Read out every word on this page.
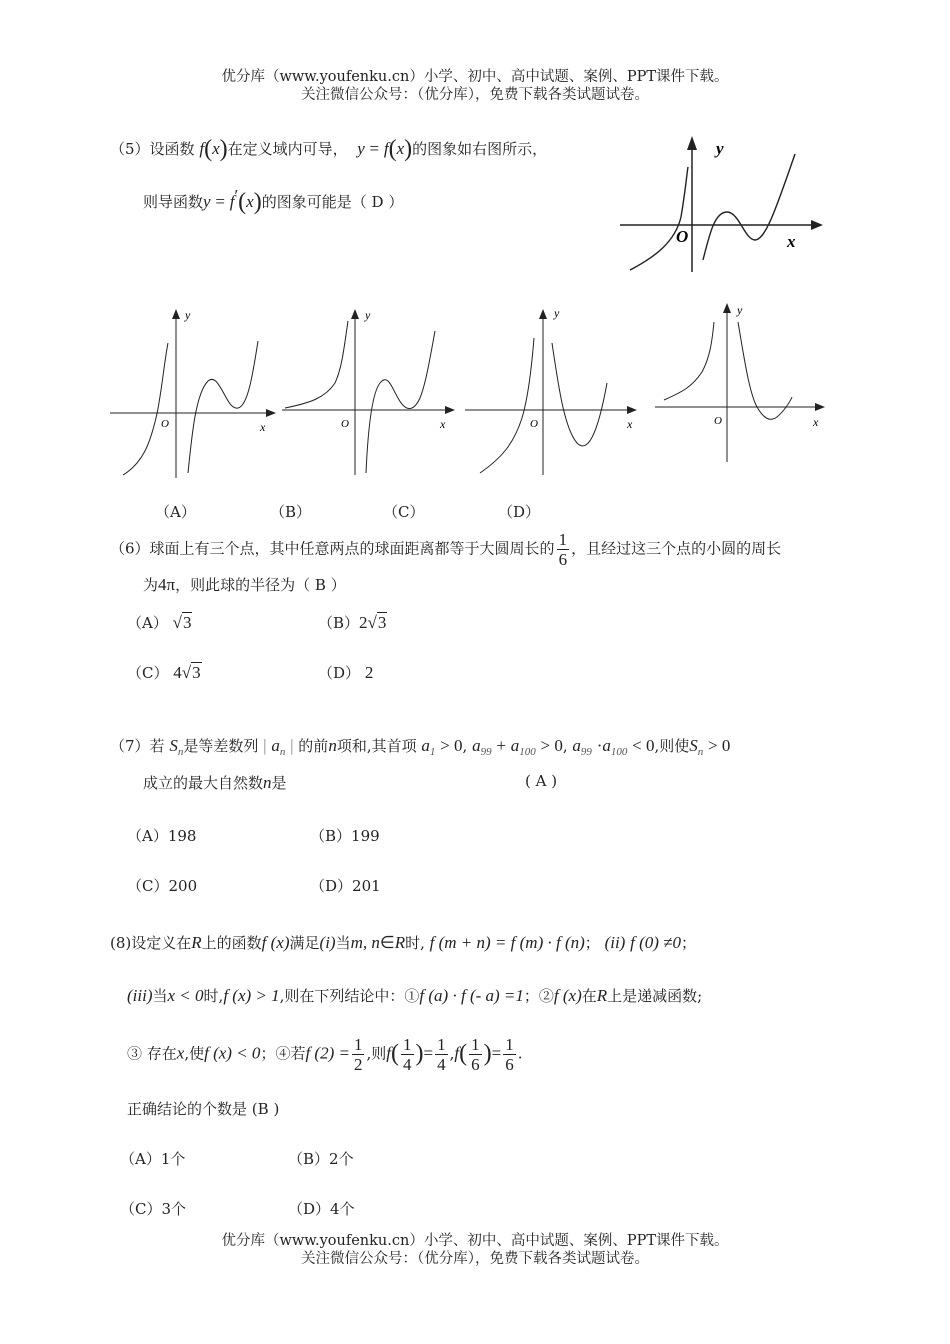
优分库（www.youfenku.cn）小学、初中、高中试题、案例、PPT课件下载。
关注微信公众号：（优分库），免费下载各类试题试卷。
（5）设函数 f(x)在定义域内可导， y = f(x)的图象如右图所示，
则导函数y = f′(x)的图象可能是（ D ）
y
x
O
y
x
O
y
x
O
y
x
O
y
x
O
（A）	（B）	（C）	（D）
（6）球面上有三个点，其中任意两点的球面距离都等于大圆周长的 $\frac{1}{6}$ ，且经过这三个点的小圆的周长
为4π，则此球的半径为（ B ）
（A） √3	（B）2√3
（C） 4√3	（D） 2
（7）若 $S_n$是等差数列 | $a_n$ | 的前n项和,其首项 $a_1 > 0$, $a_{99} + a_{100} > 0$, $a_{99} \cdot a_{100} < 0$,则使$S_n > 0$
成立的最大自然数n是	( A )
（A）198	（B）199
（C）200	（D）201
(8)设定义在R上的函数f (x)满足(i)当m, n∈R时, f (m + n) = f (m) · f (n)； (ii) f (0) ≠0；
(iii)当x < 0时,f (x) > 1,则在下列结论中：①f (a) · f (- a) =1；②f (x)在R上是递减函数;
③ 存在x,使f (x) < 0；④若f $(2) = \frac{1}{2}$ ,则$f( \frac{1}{4}$ )= $\frac{1}{4} ,f( \frac{1}{6}$ )= $\frac{1}{6}$ .
正确结论的个数是 (B )
（A）1个	（B）2个
（C）3个	（D）4个
优分库（www.youfenku.cn）小学、初中、高中试题、案例、PPT课件下载。
关注微信公众号：（优分库），免费下载各类试题试卷。
